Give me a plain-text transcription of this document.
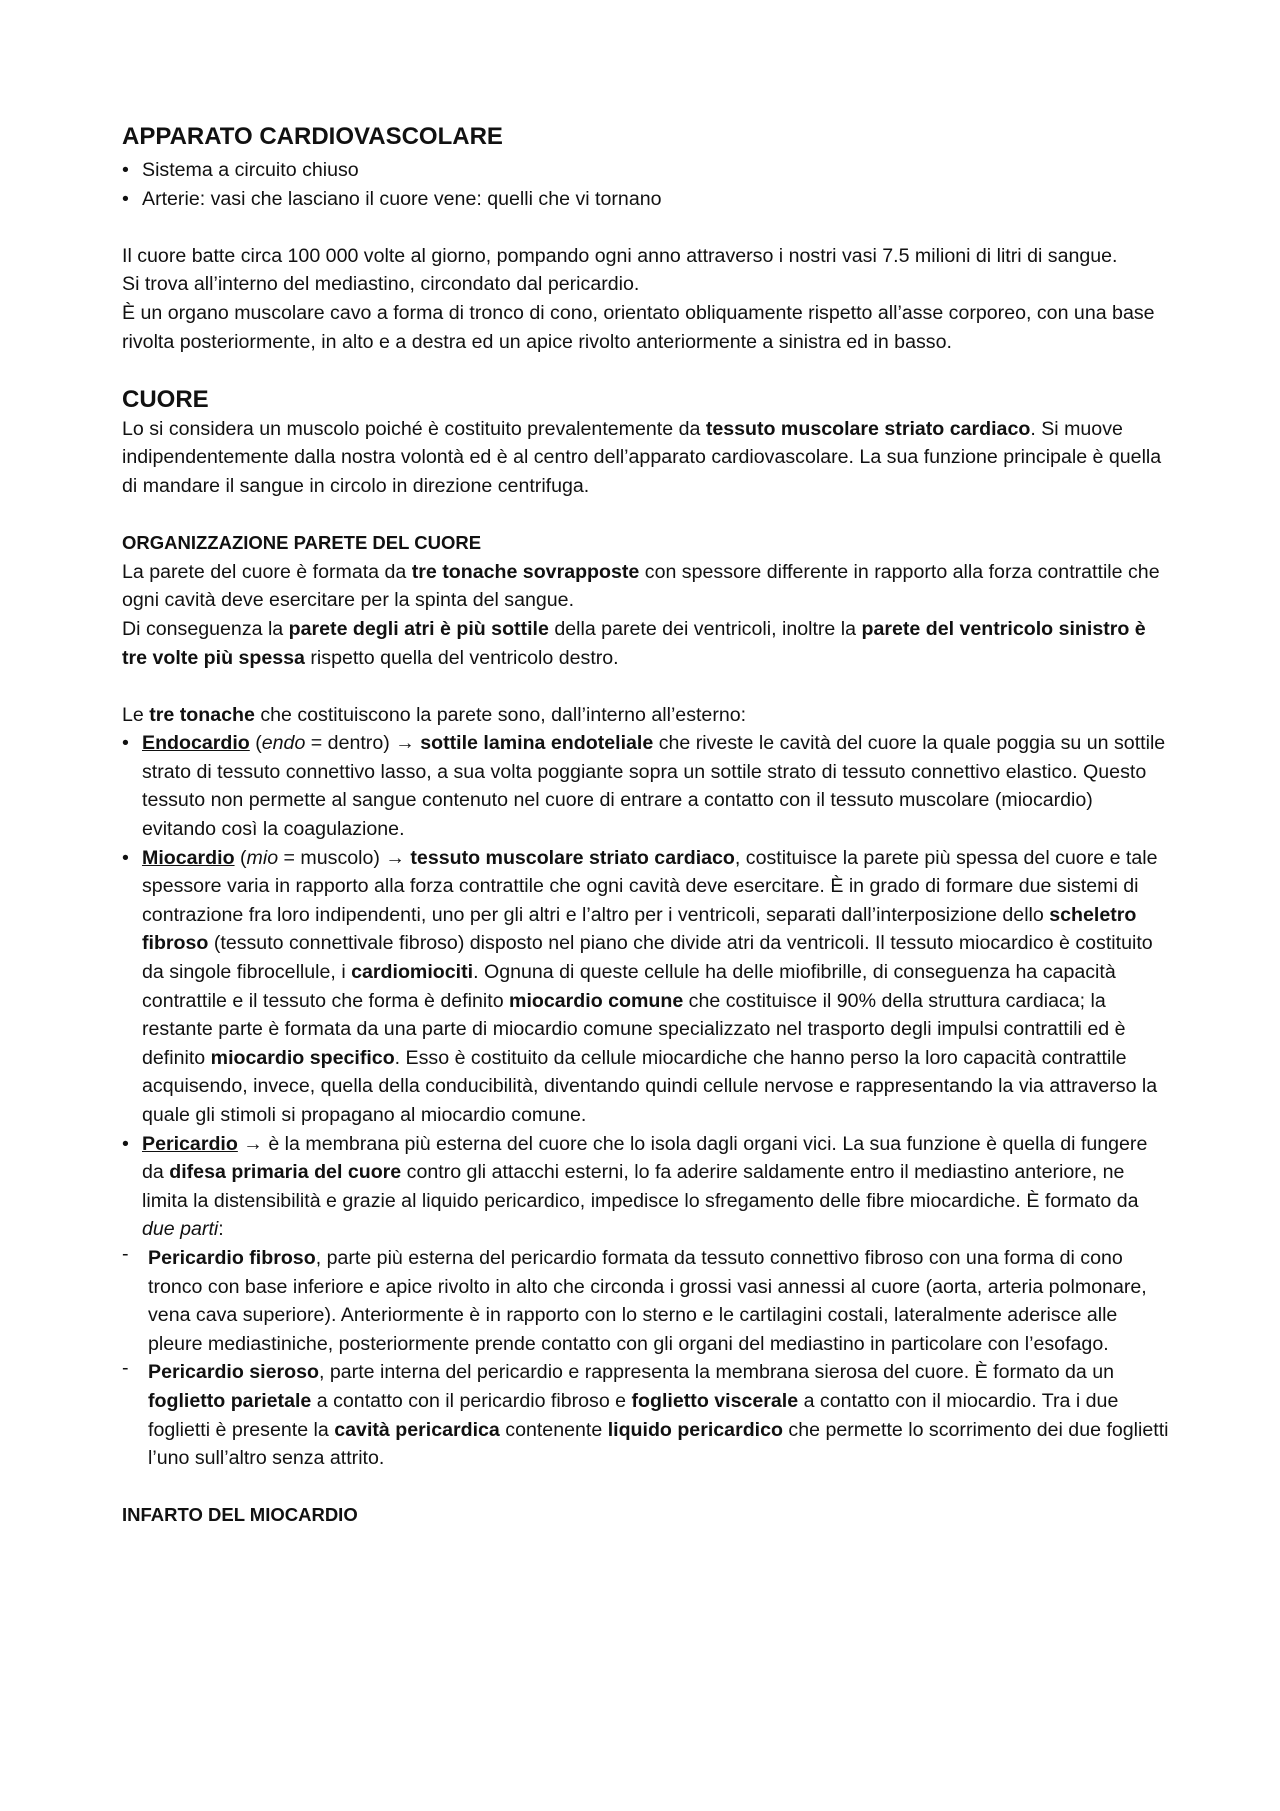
APPARATO CARDIOVASCOLARE
• Sistema a circuito chiuso
• Arterie: vasi che lasciano il cuore vene: quelli che vi tornano

Il cuore batte circa 100 000 volte al giorno, pompando ogni anno attraverso i nostri vasi 7.5 milioni di litri di sangue.

Si trova all’interno del mediastino, circondato dal pericardio.

È un organo muscolare cavo a forma di tronco di cono, orientato obliquamente rispetto all’asse corporeo, con una base rivolta posteriormente, in alto e a destra ed un apice rivolto anteriormente a sinistra ed in basso.

CUORE

Lo si considera un muscolo poiché è costituito prevalentemente da tessuto muscolare striato cardiaco. Si muove indipendentemente dalla nostra volontà ed è al centro dell’apparato cardiovascolare. La sua funzione principale è quella di mandare il sangue in circolo in direzione centrifuga.

ORGANIZZAZIONE PARETE DEL CUORE

La parete del cuore è formata da tre tonache sovrapposte con spessore differente in rapporto alla forza contrattile che ogni cavità deve esercitare per la spinta del sangue.

Di conseguenza la parete degli atri è più sottile della parete dei ventricoli, inoltre la parete del ventricolo sinistro è tre volte più spessa rispetto quella del ventricolo destro.

Le tre tonache che costituiscono la parete sono, dall’interno all’esterno:

• Endocardio (endo = dentro) → sottile lamina endoteliale che riveste le cavità del cuore la quale poggia su un sottile strato di tessuto connettivo lasso, a sua volta poggiante sopra un sottile strato di tessuto connettivo elastico. Questo tessuto non permette al sangue contenuto nel cuore di entrare a contatto con il tessuto muscolare (miocardio) evitando così la coagulazione.
• Miocardio (mio = muscolo) → tessuto muscolare striato cardiaco, costituisce la parete più spessa del cuore e tale spessore varia in rapporto alla forza contrattile che ogni cavità deve esercitare. È in grado di formare due sistemi di contrazione fra loro indipendenti, uno per gli altri e l’altro per i ventricoli, separati dall’interposizione dello scheletro fibroso (tessuto connettivale fibroso) disposto nel piano che divide atri da ventricoli. Il tessuto miocardico è costituito da singole fibrocellule, i cardiomiociti. Ognuna di queste cellule ha delle miofibrille, di conseguenza ha capacità contrattile e il tessuto che forma è definito miocardio comune che costituisce il 90% della struttura cardiaca; la restante parte è formata da una parte di miocardio comune specializzato nel trasporto degli impulsi contrattili ed è definito miocardio specifico. Esso è costituito da cellule miocardiche che hanno perso la loro capacità contrattile acquisendo, invece, quella della conducibilità, diventando quindi cellule nervose e rappresentando la via attraverso la quale gli stimoli si propagano al miocardio comune.
• Pericardio → è la membrana più esterna del cuore che lo isola dagli organi vici. La sua funzione è quella di fungere da difesa primaria del cuore contro gli attacchi esterni, lo fa aderire saldamente entro il mediastino anteriore, ne limita la distensibilità e grazie al liquido pericardico, impedisce lo sfregamento delle fibre miocardiche. È formato da due parti:
- Pericardio fibroso, parte più esterna del pericardio formata da tessuto connettivo fibroso con una forma di cono tronco con base inferiore e apice rivolto in alto che circonda i grossi vasi annessi al cuore (aorta, arteria polmonare, vena cava superiore). Anteriormente è in rapporto con lo sterno e le cartilagini costali, lateralmente aderisce alle pleure mediastiniche, posteriormente prende contatto con gli organi del mediastino in particolare con l’esofago.
- Pericardio sieroso, parte interna del pericardio e rappresenta la membrana sierosa del cuore. È formato da un foglietto parietale a contatto con il pericardio fibroso e foglietto viscerale a contatto con il miocardio. Tra i due foglietti è presente la cavità pericardica contenente liquido pericardico che permette lo scorrimento dei due foglietti l’uno sull’altro senza attrito.
INFARTO DEL MIOCARDIO
